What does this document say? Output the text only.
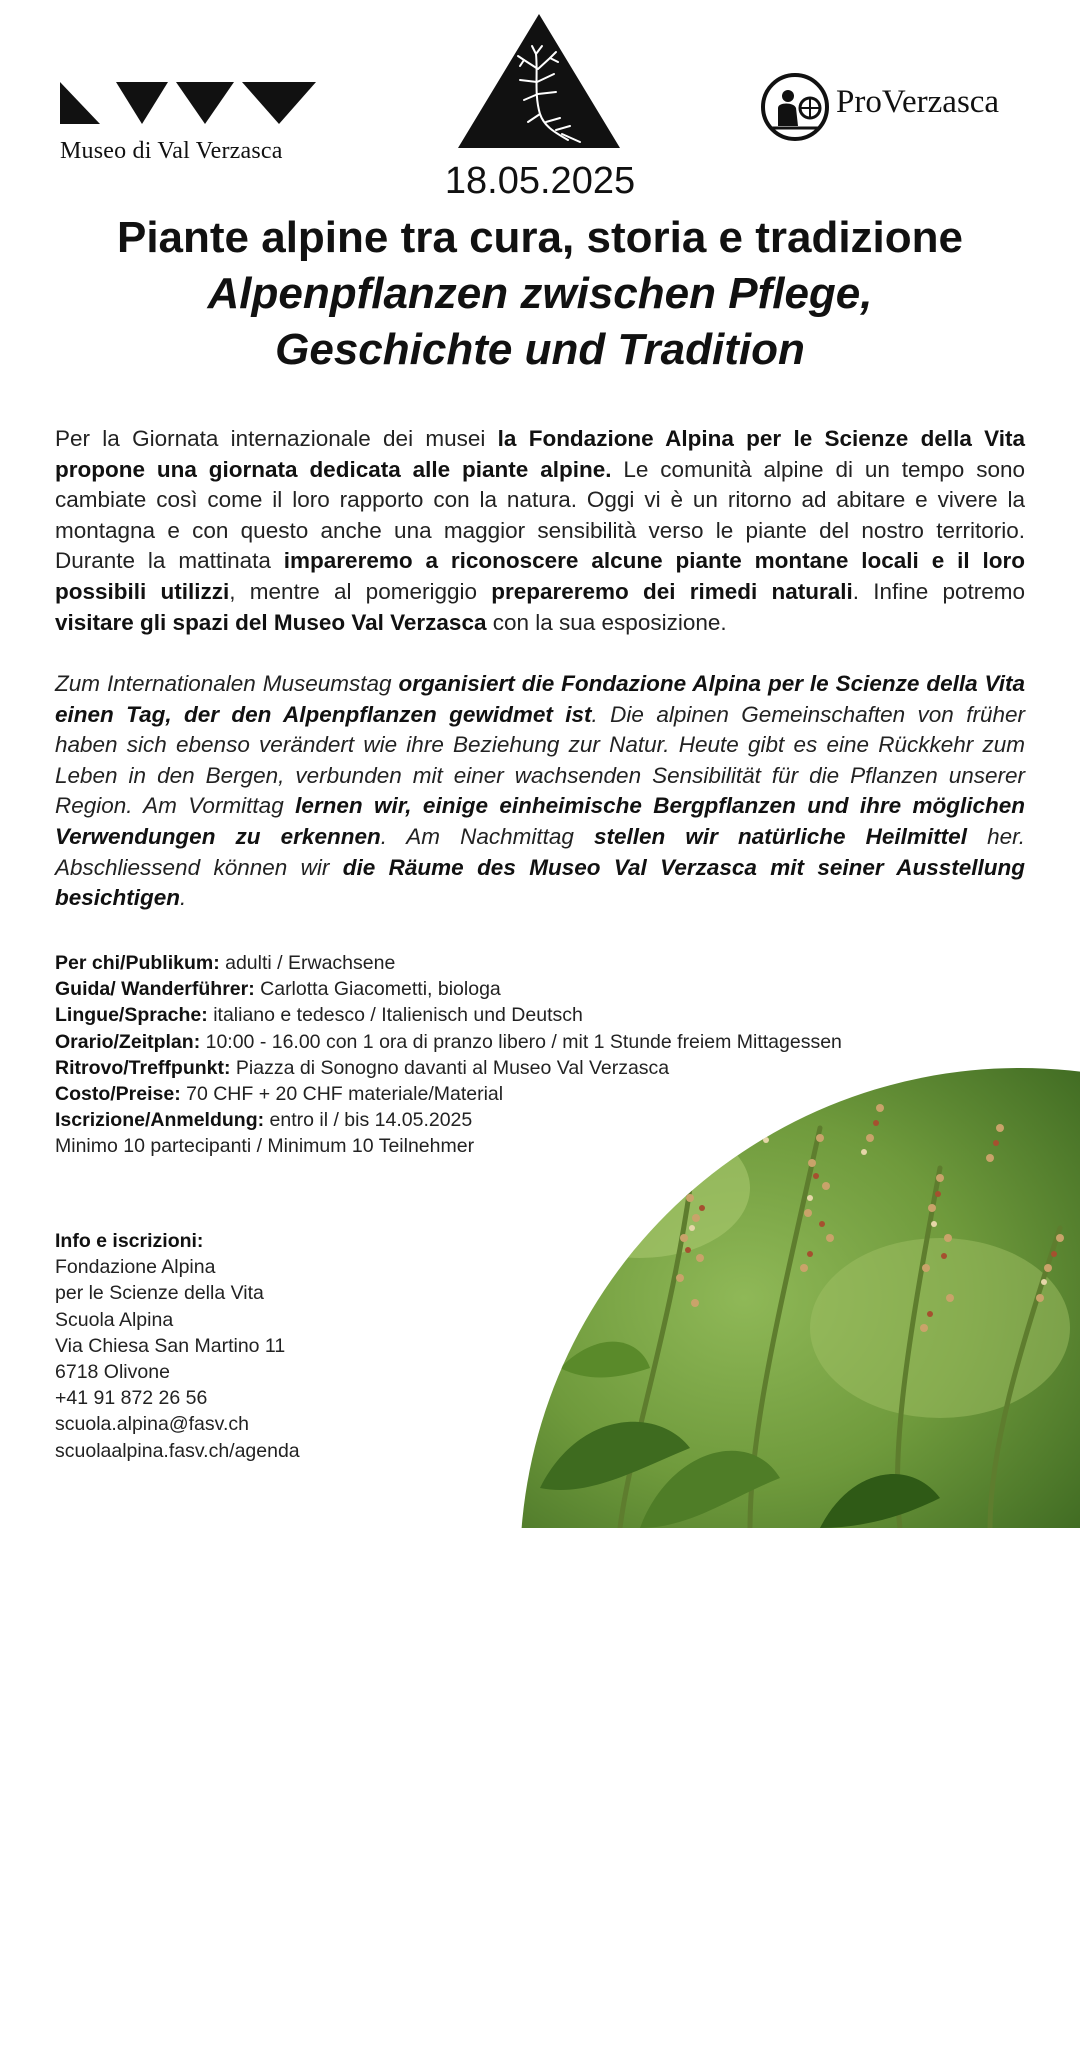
Museo di Val Verzasca
ProVerzasca
18.05.2025
Piante alpine tra cura, storia e tradizione
Alpenpflanzen zwischen Pflege,
Geschichte und Tradition
Per la Giornata internazionale dei musei la Fondazione Alpina per le Scienze della Vita propone una giornata dedicata alle piante alpine. Le comunità alpine di un tempo sono cambiate così come il loro rapporto con la natura. Oggi vi è un ritorno ad abitare e vivere la montagna e con questo anche una maggior sensibilità verso le piante del nostro territorio. Durante la mattinata impareremo a riconoscere alcune piante montane locali e il loro possibili utilizzi, mentre al pomeriggio prepareremo dei rimedi naturali. Infine potremo visitare gli spazi del Museo Val Verzasca con la sua esposizione.
Zum Internationalen Museumstag organisiert die Fondazione Alpina per le Scienze della Vita einen Tag, der den Alpenpflanzen gewidmet ist. Die alpinen Gemeinschaften von früher haben sich ebenso verändert wie ihre Beziehung zur Natur. Heute gibt es eine Rückkehr zum Leben in den Bergen, verbunden mit einer wachsenden Sensibilität für die Pflanzen unserer Region. Am Vormittag lernen wir, einige einheimische Bergpflanzen und ihre möglichen Verwendungen zu erkennen. Am Nachmittag stellen wir natürliche Heilmittel her. Abschliessend können wir die Räume des Museo Val Verzasca mit seiner Ausstellung besichtigen.
Per chi/Publikum: adulti / Erwachsene
Guida/ Wanderführer: Carlotta Giacometti, biologa
Lingue/Sprache: italiano e tedesco / Italienisch und Deutsch
Orario/Zeitplan: 10:00 - 16.00 con 1 ora di pranzo libero / mit 1 Stunde freiem Mittagessen
Ritrovo/Treffpunkt: Piazza di Sonogno davanti al Museo Val Verzasca
Costo/Preise: 70 CHF + 20 CHF materiale/Material
Iscrizione/Anmeldung: entro il / bis 14.05.2025
Minimo 10 partecipanti / Minimum 10 Teilnehmer
Info e iscrizioni:
Fondazione Alpina
per le Scienze della Vita
Scuola Alpina
Via Chiesa San Martino 11
6718 Olivone
+41 91 872 26 56
scuola.alpina@fasv.ch
scuolaalpina.fasv.ch/agenda
